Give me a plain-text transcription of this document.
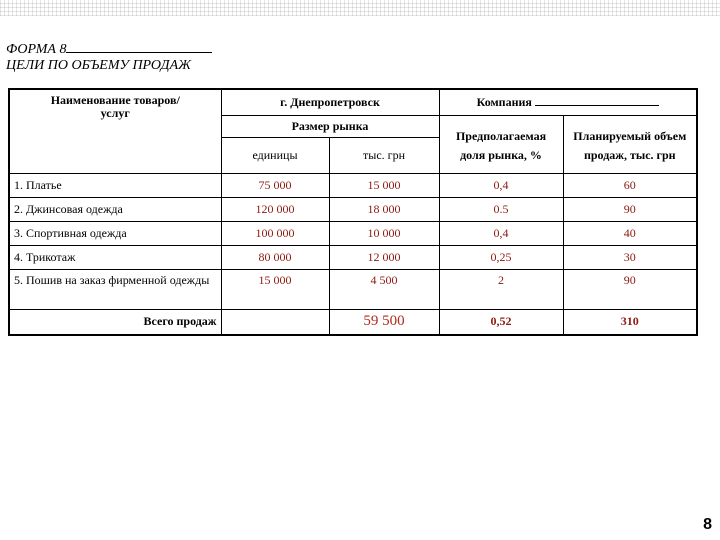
ФОРМА 8
ЦЕЛИ ПО ОБЪЕМУ ПРОДАЖ
Наименование товаров/услуг	г. Днепропетровск		Компания	
	Размер рынка		Предполагаемая доля рынка, %	Планируемый объем продаж, тыс. грн

	единицы	тыс. грн		
1. Платье	75 000	15 000	0,4	60
2. Джинсовая одежда	120 000	18 000	0.5	90
3. Спортивная одежда	100 000	10 000	0,4	40
4. Трикотаж	80 000	12 000	0,25	30
5. Пошив на заказ фирменной одежды	15 000	4 500	2	90
Всего продаж		59 500	0,52	310
8
